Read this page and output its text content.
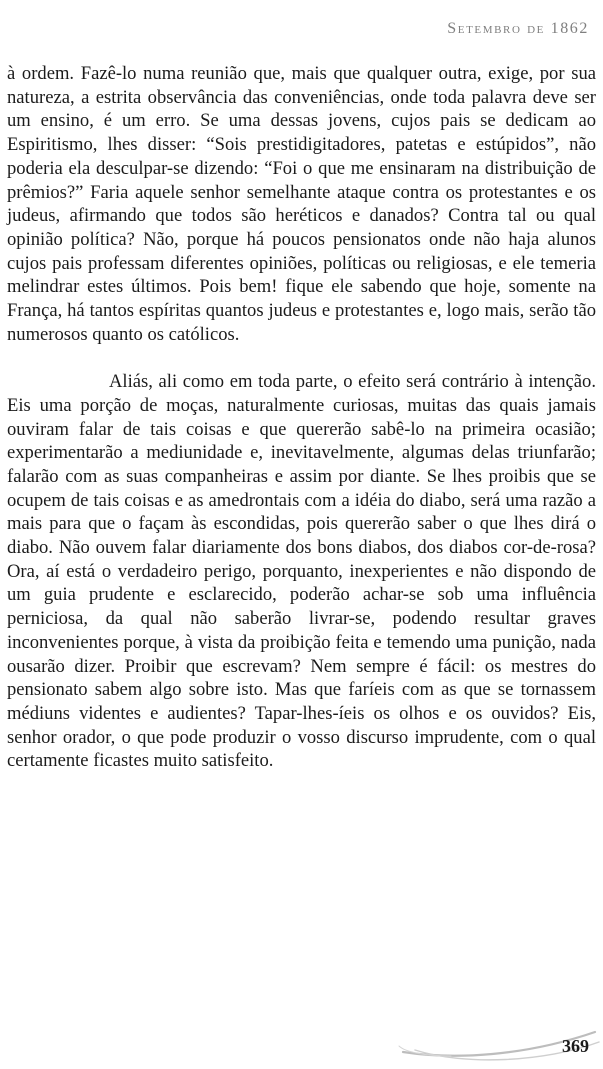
Setembro de 1862

à ordem. Fazê-lo numa reunião que, mais que qualquer outra, exige, por sua natureza, a estrita observância das conveniências, onde toda palavra deve ser um ensino, é um erro. Se uma dessas jovens, cujos pais se dedicam ao Espiritismo, lhes disser: “Sois prestidigitadores, patetas e estúpidos”, não poderia ela desculpar-se dizendo: “Foi o que me ensinaram na distribuição de prêmios?” Faria aquele senhor semelhante ataque contra os protestantes e os judeus, afirmando que todos são heréticos e danados? Contra tal ou qual opinião política? Não, porque há poucos pensionatos onde não haja alunos cujos pais professam diferentes opiniões, políticas ou religiosas, e ele temeria melindrar estes últimos. Pois bem! fique ele sabendo que hoje, somente na França, há tantos espíritas quantos judeus e protestantes e, logo mais, serão tão numerosos quanto os católicos.

Aliás, ali como em toda parte, o efeito será contrário à intenção. Eis uma porção de moças, naturalmente curiosas, muitas das quais jamais ouviram falar de tais coisas e que quererão sabê-lo na primeira ocasião; experimentarão a mediunidade e, inevitavelmente, algumas delas triunfarão; falarão com as suas companheiras e assim por diante. Se lhes proibis que se ocupem de tais coisas e as amedrontais com a idéia do diabo, será uma razão a mais para que o façam às escondidas, pois quererão saber o que lhes dirá o diabo. Não ouvem falar diariamente dos bons diabos, dos diabos cor-de-rosa? Ora, aí está o verdadeiro perigo, porquanto, inexperientes e não dispondo de um guia prudente e esclarecido, poderão achar-se sob uma influência perniciosa, da qual não saberão livrar-se, podendo resultar graves inconvenientes porque, à vista da proibição feita e temendo uma punição, nada ousarão dizer. Proibir que escrevam? Nem sempre é fácil: os mestres do pensionato sabem algo sobre isto. Mas que faríeis com as que se tornassem médiuns videntes e audientes? Tapar-lhes-íeis os olhos e os ouvidos? Eis, senhor orador, o que pode produzir o vosso discurso imprudente, com o qual certamente ficastes muito satisfeito.

369
